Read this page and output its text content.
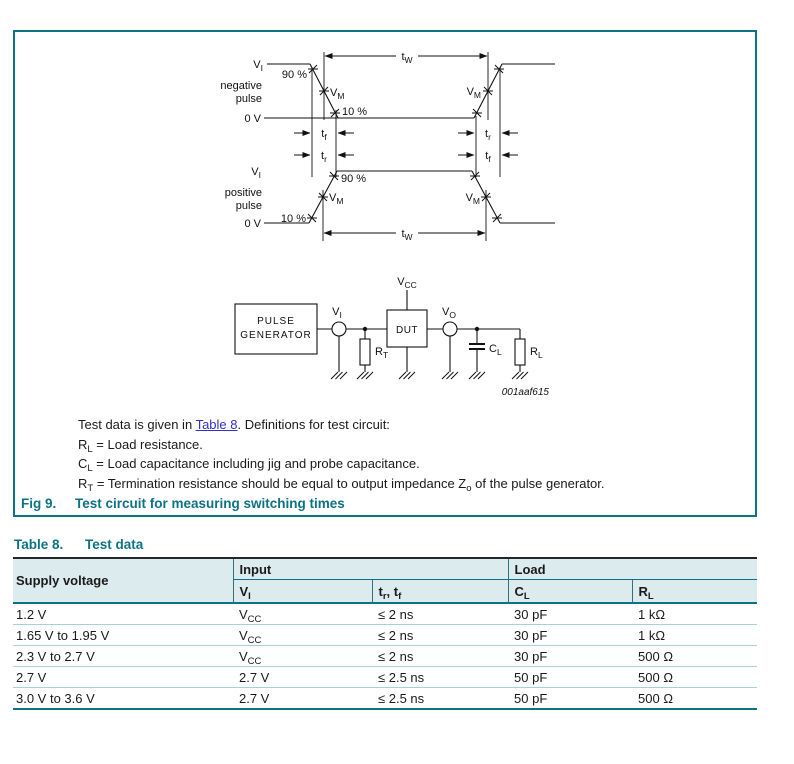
$t_W$
$V_I$
negative
pulse
90 %
$V_M$
10 %
0 V
$V_M$
$t_f$	$t_r$
$t_r$	$t_f$
$V_I$
positive
pulse
90 %
$V_M$	$V_M$
10 %
0 V
$t_W$
PULSE
GENERATOR	DUT
$V_{CC}$
$V_I$	$V_O$
$R_T$	$C_L$	$R_L$
001aaf615
Test data is given in Table 8. Definitions for test circuit:
$R_L$ = Load resistance.
$C_L$ = Load capacitance including jig and probe capacitance.
$R_T$ = Termination resistance should be equal to output impedance $Z_o$ of the pulse generator.
Fig 9. Test circuit for measuring switching times
Table 8. Test data
Supply voltage	Input		Load	
	$V_I$	$t_r$, $t_f$	$C_L$	$R_L$
1.2 V	$V_{CC}$	≤ 2 ns	30 pF	1 kΩ
1.65 V to 1.95 V	$V_{CC}$	≤ 2 ns	30 pF	1 kΩ
2.3 V to 2.7 V	$V_{CC}$	≤ 2 ns	30 pF	500 Ω
2.7 V	2.7 V	≤ 2.5 ns	50 pF	500 Ω
3.0 V to 3.6 V	2.7 V	≤ 2.5 ns	50 pF	500 Ω
